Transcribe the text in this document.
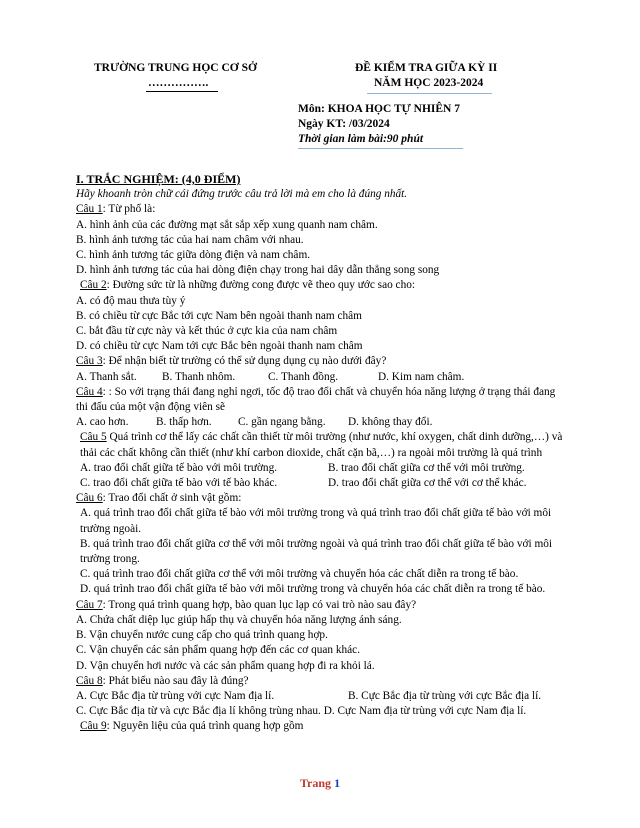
TRƯỜNG TRUNG HỌC CƠ SỞ
…………….
ĐỀ KIỂM TRA GIỮA KỲ II
NĂM HỌC 2023-2024
Môn: KHOA HỌC TỰ NHIÊN 7
Ngày KT: /03/2024
Thời gian làm bài:90 phút

I. TRẮC NGHIỆM: (4,0 ĐIỂM)

Hãy khoanh tròn chữ cái đứng trước câu trả lời mà em cho là đúng nhất.

Câu 1: Từ phổ là:

A. hình ảnh của các đường mạt sắt sắp xếp xung quanh nam châm.

B. hình ảnh tương tác của hai nam châm với nhau.

C. hình ảnh tương tác giữa dòng điện và nam châm.

D. hình ảnh tương tác của hai dòng điện chạy trong hai dây dẫn thẳng song song

Câu 2: Đường sức từ là những đường cong được vẽ theo quy ước sao cho:

A. có độ mau thưa tùy ý

B. có chiều từ cực Bắc tới cực Nam bên ngoài thanh nam châm

C. bắt đầu từ cực này và kết thúc ở cực kia của nam châm

D. có chiều từ cực Nam tới cực Bắc bên ngoài thanh nam châm

Câu 3: Để nhận biết từ trường có thể sử dụng dụng cụ nào dưới đây?

A. Thanh sắt.	B. Thanh nhôm.	C. Thanh đồng.	D. Kim nam châm.

Câu 4: : So với trạng thái đang nghỉ ngơi, tốc độ trao đổi chất và chuyển hóa năng lượng ở trạng thái đang thi đấu của một vận động viên sẽ

A. cao hơn.	B. thấp hơn.	C. gần ngang bằng.	D. không thay đổi.

Câu 5 Quá trình cơ thể lấy các chất cần thiết từ môi trường (như nước, khí oxygen, chất dinh dưỡng,…) và thải các chất không cần thiết (như khí carbon dioxide, chất cặn bã,…) ra ngoài môi trường là quá trình

A. trao đổi chất giữa tế bào với môi trường.	B. trao đổi chất giữa cơ thể với môi trường.
C. trao đổi chất giữa tế bào với tế bào khác.	D. trao đổi chất giữa cơ thể với cơ thể khác.

Câu 6: Trao đổi chất ở sinh vật gồm:

A. quá trình trao đổi chất giữa tế bào với môi trường trong và quá trình trao đổi chất giữa tế bào với môi trường ngoài.

B. quá trình trao đổi chất giữa cơ thể với môi trường ngoài và quá trình trao đổi chất giữa tế bào với môi trường trong.

C. quá trình trao đổi chất giữa cơ thể với môi trường và chuyển hóa các chất diễn ra trong tế bào.

D. quá trình trao đổi chất giữa tế bào với môi trường trong và chuyển hóa các chất diễn ra trong tế bào.

Câu 7: Trong quá trình quang hợp, bào quan lục lạp có vai trò nào sau đây?

A. Chứa chất diệp lục giúp hấp thụ và chuyển hóa năng lượng ánh sáng.

B. Vận chuyển nước cung cấp cho quá trình quang hợp.

C. Vận chuyển các sản phẩm quang hợp đến các cơ quan khác.

D. Vận chuyển hơi nước và các sản phẩm quang hợp đi ra khỏi lá.

Câu 8: Phát biểu nào sau đây là đúng?

A. Cực Bắc địa từ trùng với cực Nam địa lí.	B. Cực Bắc địa từ trùng với cực Bắc địa lí.

C. Cực Bắc địa từ và cực Bắc địa lí không trùng nhau. D. Cực Nam địa từ trùng với cực Nam địa lí.

Câu 9: Nguyên liệu của quá trình quang hợp gồm

Trang 1
